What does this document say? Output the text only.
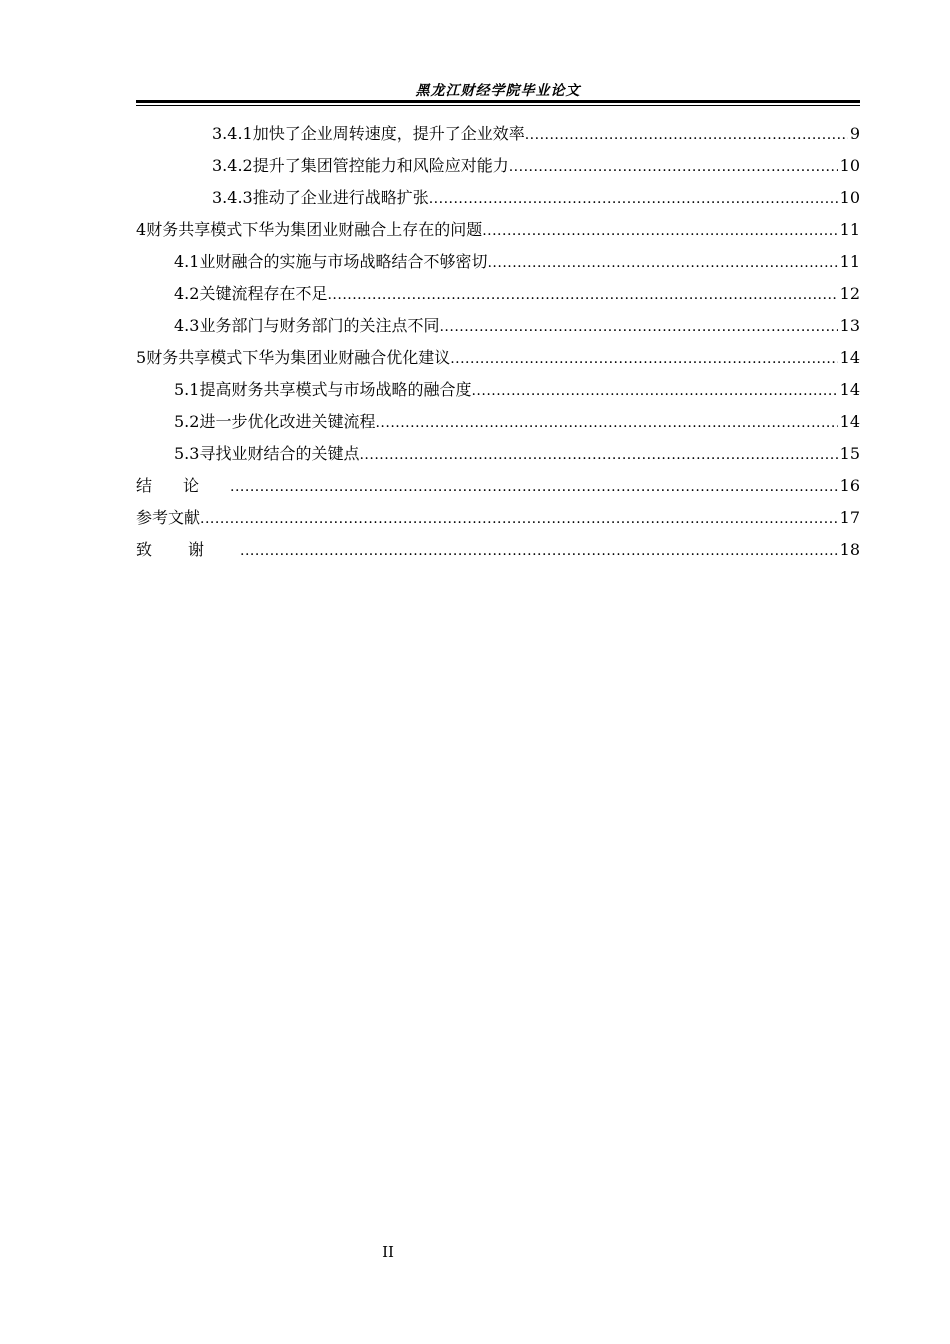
黑龙江财经学院毕业论文
3.4.1 加快了企业周转速度，提升了企业效率 .....	9
3.4.2 提升了集团管控能力和风险应对能力 .....	10
3.4.3 推动了企业进行战略扩张 .....	10
4 财务共享模式下华为集团业财融合上存在的问题 .....	11
4.1 业财融合的实施与市场战略结合不够密切 .....	11
4.2 关键流程存在不足 .....	12
4.3 业务部门与财务部门的关注点不同 .....	13
5 财务共享模式下华为集团业财融合优化建议 .....	14
5.1 提高财务共享模式与市场战略的融合度 .....	14
5.2 进一步优化改进关键流程 .....	14
5.3 寻找业财结合的关键点 .....	15
结论 .....	16
参考文献 .....	17
致谢 .....	18
II
